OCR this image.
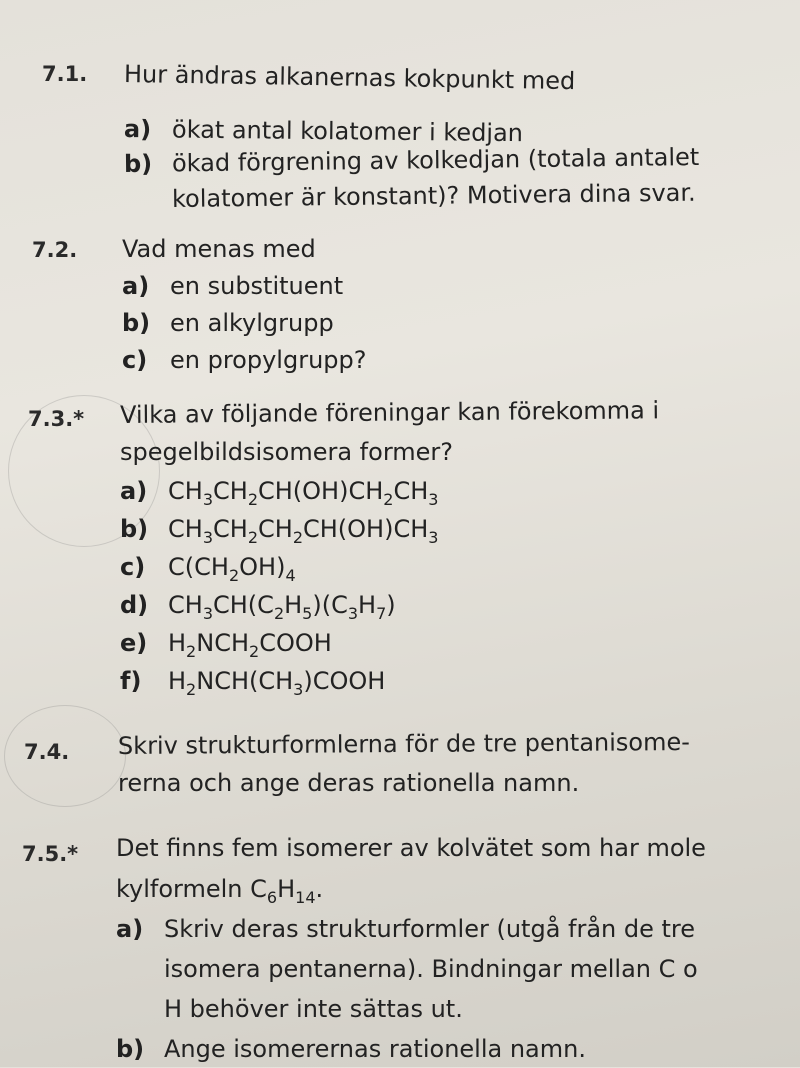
7.1. Hur ändras alkanernas kokpunkt med
a) ökat antal kolatomer i kedjan
b) ökad förgrening av kolkedjan (totala antalet
kolatomer är konstant)? Motivera dina svar.
7.2. Vad menas med
a) en substituent
b) en alkylgrupp
c) en propylgrupp?
7.3.* Vilka av följande föreningar kan förekomma i
spegelbildsisomera former?
a) $CH_3CH_2CH(OH)CH_2CH_3$
b) $CH_3CH_2CH_2CH(OH)CH_3$
c) $C(CH_2OH)_4$
d) $CH_3CH(C_2H_5)(C_3H_7)$
e) $H_2NCH_2COOH$
f) $H_2NCH(CH_3)COOH$
7.4. Skriv strukturformlerna för de tre pentanisome-
rerna och ange deras rationella namn.
7.5.* Det finns fem isomerer av kolvätet som har mole
kylformeln $C_6H_{14}$.
a) Skriv deras strukturformler (utgå från de tre
isomera pentanerna). Bindningar mellan C o
H behöver inte sättas ut.
b) Ange isomerernas rationella namn.
